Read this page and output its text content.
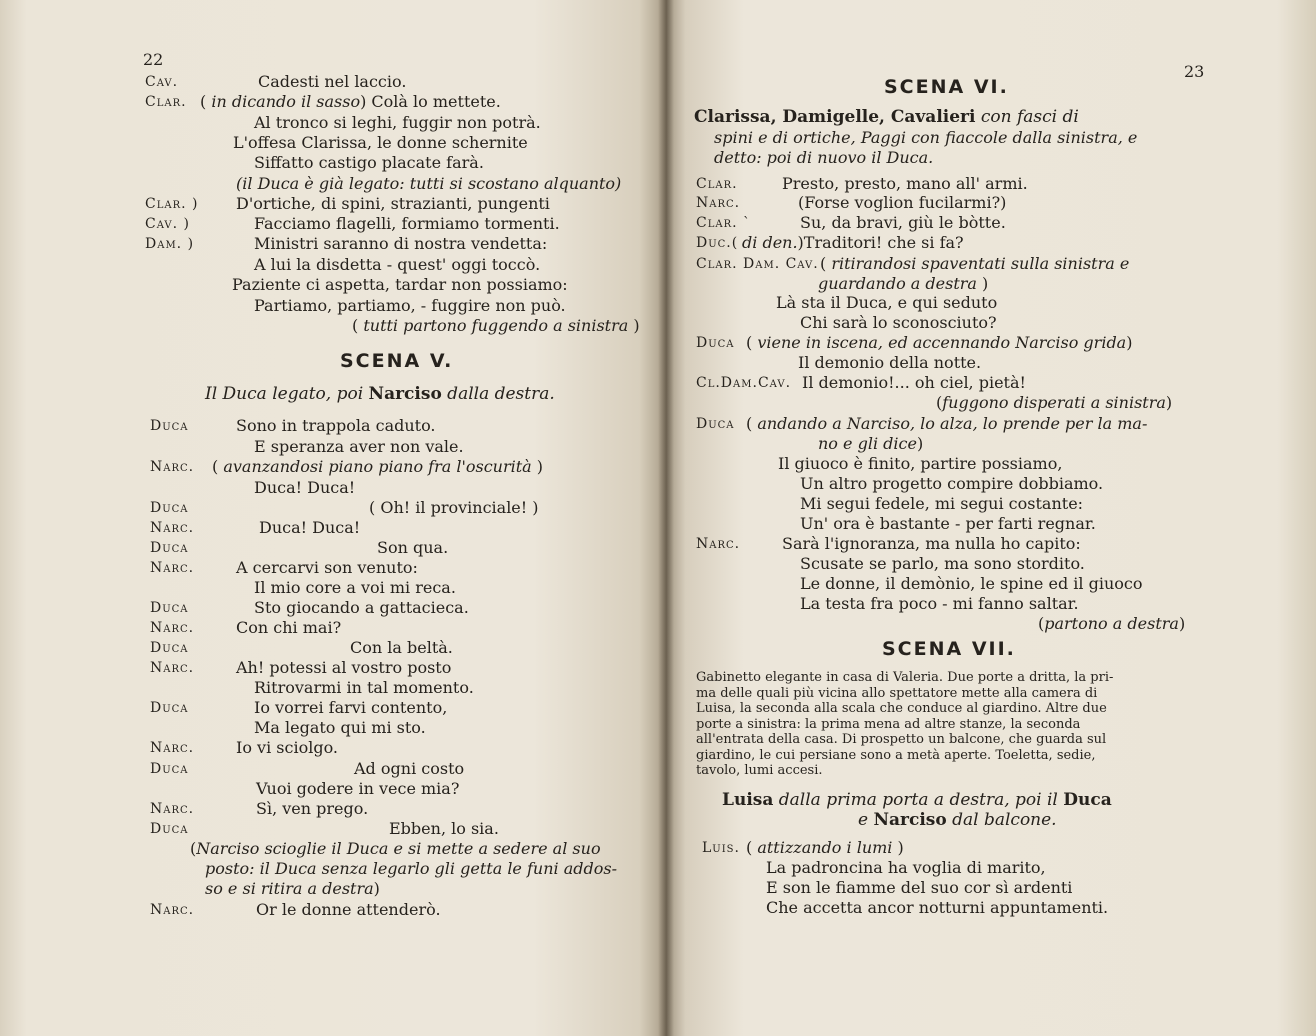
22
Cav.	Cadesti nel laccio.
Clar. ( in dicando il sasso) Colà lo mettete.
Al tronco si leghi, fuggir non potrà.
L'offesa Clarissa, le donne schernite
Siffatto castigo placate farà.
(il Duca è già legato: tutti si scostano alquanto)
Clar. ) D'ortiche, di spini, strazianti, pungenti
Cav. )	Facciamo flagelli, formiamo tormenti.
Dam. )	Ministri saranno di nostra vendetta:
A lui la disdetta - quest' oggi toccò.
Paziente ci aspetta, tardar non possiamo:
Partiamo, partiamo, - fuggire non può.
( tutti partono fuggendo a sinistra )
SCENA V.
Il Duca legato, poi Narciso dalla destra.
Duca	Sono in trappola caduto.
E speranza aver non vale.
Narc. ( avanzandosi piano piano fra l'oscurità )
Duca! Duca!
Duca	( Oh! il provinciale! )
Narc.	Duca! Duca!
Duca	Son qua.
Narc.	A cercarvi son venuto:
Il mio core a voi mi reca.
Duca	Sto giocando a gattacieca.
Narc.	Con chi mai?
Duca	Con la beltà.
Narc.	Ah! potessi al vostro posto
Ritrovarmi in tal momento.
Duca	Io vorrei farvi contento,
Ma legato qui mi sto.
Narc.	Io vi sciolgo.
Duca	Ad ogni costo
Vuoi godere in vece mia?
Narc.	Sì, ven prego.
Duca	Ebben, lo sia.
(Narciso scioglie il Duca e si mette a sedere al suo
posto: il Duca senza legarlo gli getta le funi addos-
so e si ritira a destra)
Narc.	Or le donne attenderò.
23
SCENA VI.
Clarissa, Damigelle, Cavalieri con fasci di
spini e di ortiche, Paggi con fiaccole dalla sinistra, e
detto: poi di nuovo il Duca.
Clar.	Presto, presto, mano all' armi.
Narc.	(Forse voglion fucilarmi?)
Clar. `	Su, da bravi, giù le bòtte.
Duc.( di den.)Traditori! che si fa?
Clar. Dam. Cav. ( ritirandosi spaventati sulla sinistra e
guardando a destra )
Là sta il Duca, e qui seduto
Chi sarà lo sconosciuto?
Duca ( viene in iscena, ed accennando Narciso grida)
Il demonio della notte.
Cl.Dam.Cav. Il demonio!... oh ciel, pietà!
(fuggono disperati a sinistra)
Duca ( andando a Narciso, lo alza, lo prende per la ma-
no e gli dice)
Il giuoco è finito, partire possiamo,
Un altro progetto compire dobbiamo.
Mi segui fedele, mi segui costante:
Un' ora è bastante - per farti regnar.
Narc.	Sarà l'ignoranza, ma nulla ho capito:
Scusate se parlo, ma sono stordito.
Le donne, il demònio, le spine ed il giuoco
La testa fra poco - mi fanno saltar.
(partono a destra)
SCENA VII.
Gabinetto elegante in casa di Valeria. Due porte a dritta, la pri-
ma delle quali più vicina allo spettatore mette alla camera di
Luisa, la seconda alla scala che conduce al giardino. Altre due
porte a sinistra: la prima mena ad altre stanze, la seconda
all'entrata della casa. Di prospetto un balcone, che guarda sul
giardino, le cui persiane sono a metà aperte. Toeletta, sedie,
tavolo, lumi accesi.
Luisa dalla prima porta a destra, poi il Duca
e Narciso dal balcone.
Luis. ( attizzando i lumi )
La padroncina ha voglia di marito,
E son le fiamme del suo cor sì ardenti
Che accetta ancor notturni appuntamenti.
